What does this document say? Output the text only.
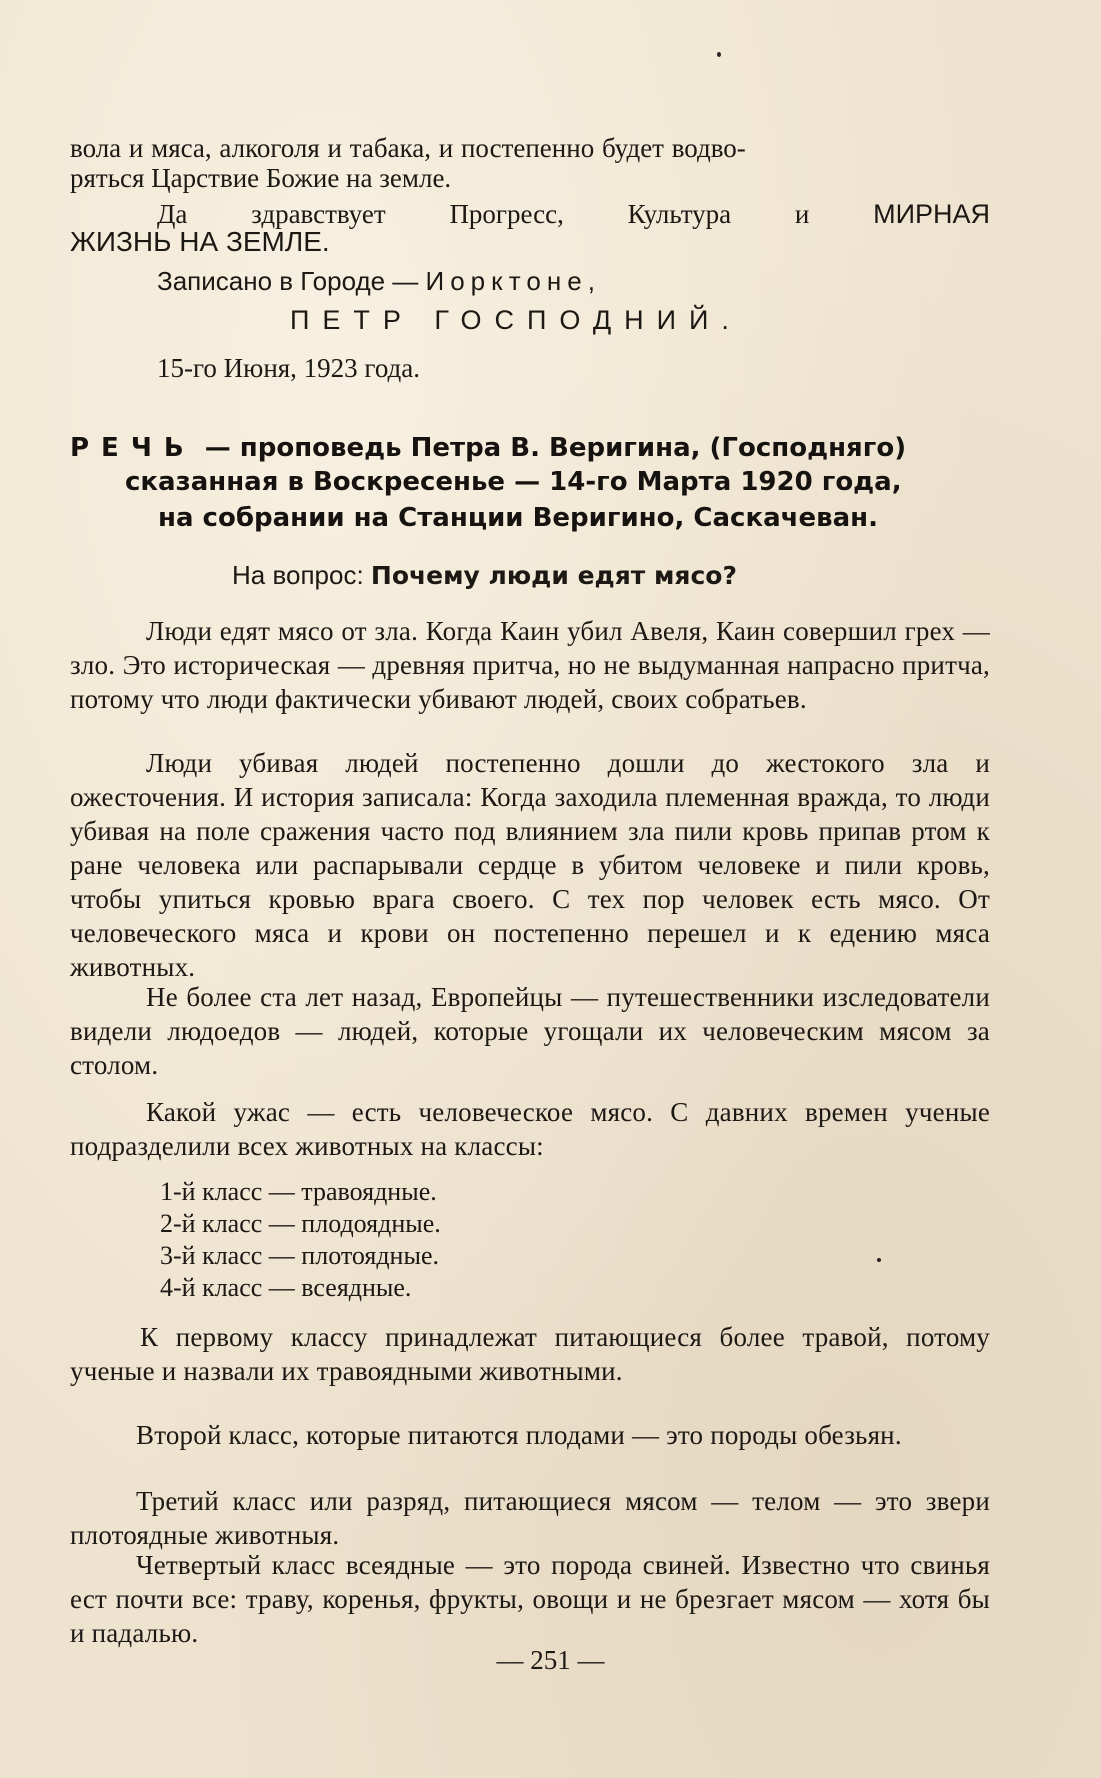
вола и мяса, алкоголя и табака, и постепенно будет водво-
ряться Царствие Божие на земле.
Да здравствует Прогресс, Культура и МИРНАЯ
ЖИЗНЬ НА ЗЕМЛЕ.
Записано в Городе — Иорктоне,
ПЕТР ГОСПОДНИЙ.
15-го Июня, 1923 года.
РЕЧЬ — проповедь Петра В. Веригина, (Господняго)
сказанная в Воскресенье — 14-го Марта 1920 года,
на собрании на Станции Веригино, Саскачеван.
На вопрос: Почему люди едят мясо?
Люди едят мясо от зла. Когда Каин убил Авеля, Каин совершил грех — зло. Это историческая — древняя притча, но не выдуманная напрасно притча, потому что люди фактически убивают людей, своих собратьев.
Люди убивая людей постепенно дошли до жестокого зла и ожесточения. И история записала: Когда заходила племенная вражда, то люди убивая на поле сражения часто под влиянием зла пили кровь припав ртом к ране человека или распарывали сердце в убитом человеке и пили кровь, чтобы упиться кровью врага своего. С тех пор человек есть мясо. От человеческого мяса и крови он постепенно перешел и к едению мяса животных.
Не более ста лет назад, Европейцы — путешественники изследователи видели людоедов — людей, которые угощали их человеческим мясом за столом.
Какой ужас — есть человеческое мясо. С давних времен ученые подразделили всех животных на классы:
1-й класс — травоядные.
2-й класс — плодоядные.
3-й класс — плотоядные.
4-й класс — всеядные.
К первому классу принадлежат питающиеся более травой, потому ученые и назвали их травоядными животными.
Второй класс, которые питаются плодами — это породы обезьян.
Третий класс или разряд, питающиеся мясом — телом — это звери плотоядные животныя.
Четвертый класс всеядные — это порода свиней. Известно что свинья ест почти все: траву, коренья, фрукты, овощи и не брезгает мясом — хотя бы и падалью.
— 251 —
